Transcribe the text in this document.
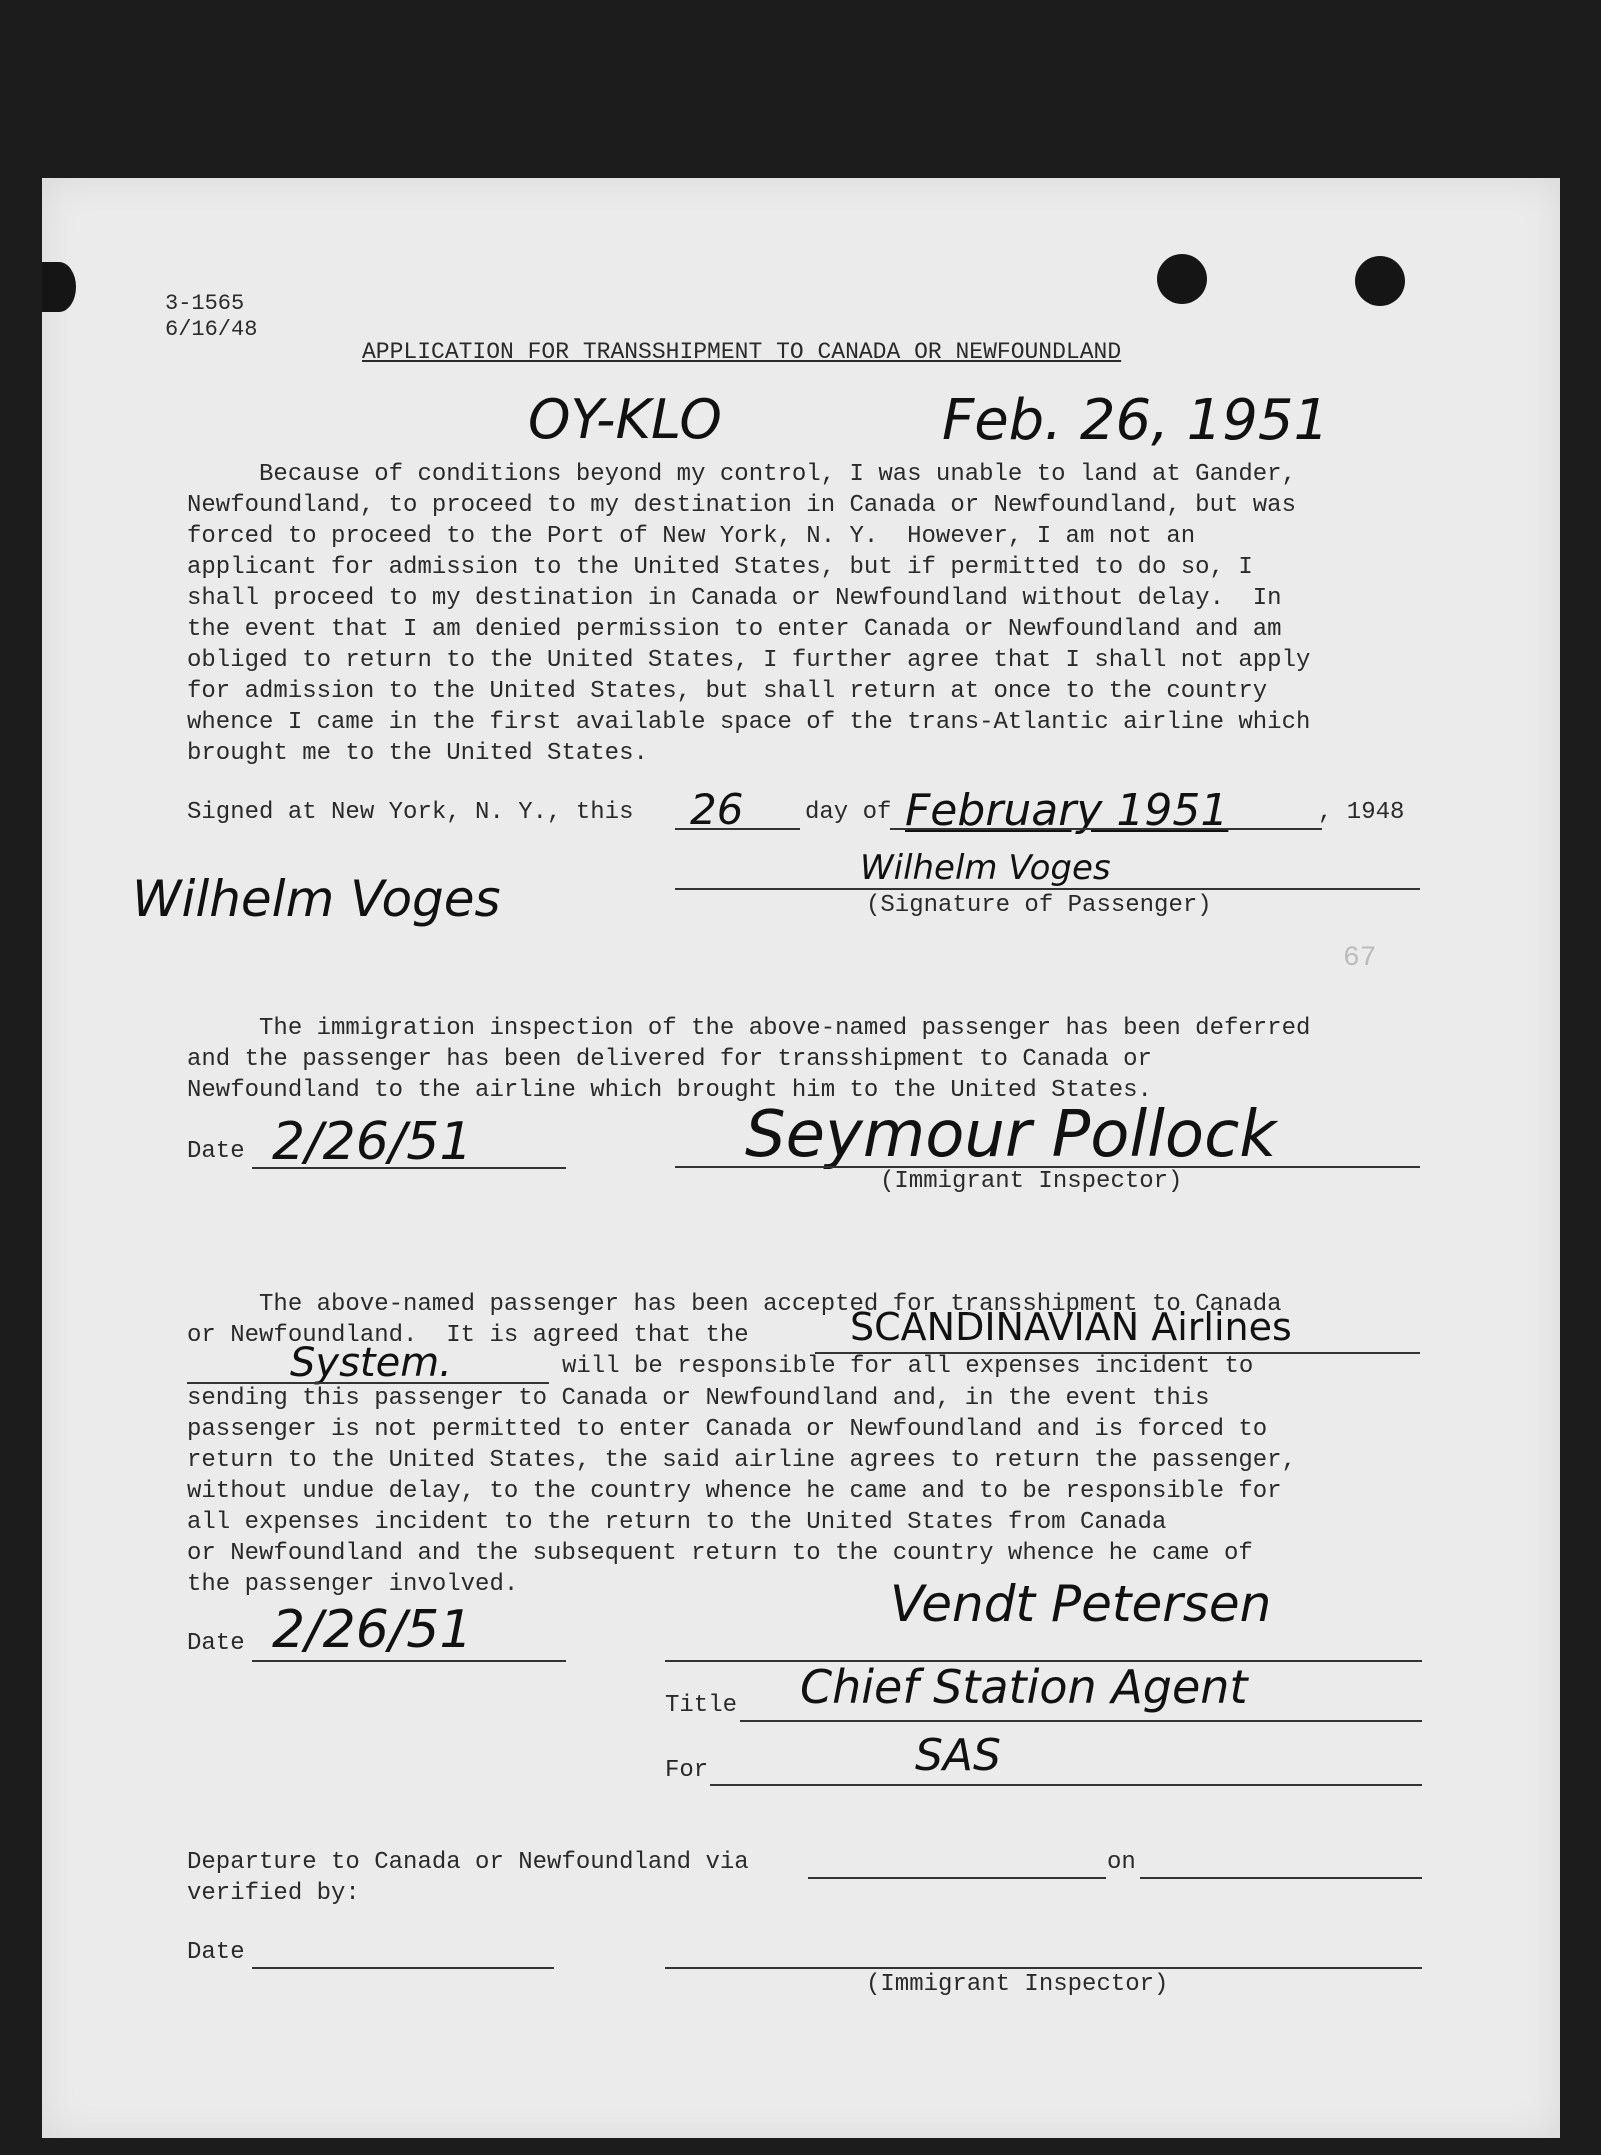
3-1565
6/16/48
APPLICATION FOR TRANSSHIPMENT TO CANADA OR NEWFOUNDLAND
OY-KLO	Feb. 26, 1951
Because of conditions beyond my control, I was unable to land at Gander,
Newfoundland, to proceed to my destination in Canada or Newfoundland, but was
forced to proceed to the Port of New York, N. Y.  However, I am not an
applicant for admission to the United States, but if permitted to do so, I
shall proceed to my destination in Canada or Newfoundland without delay.  In
the event that I am denied permission to enter Canada or Newfoundland and am
obliged to return to the United States, I further agree that I shall not apply
for admission to the United States, but shall return at once to the country
whence I came in the first available space of the trans-Atlantic airline which
brought me to the United States.
Signed at New York, N. Y., this 26	day of February 1951	, 1948
Wilhelm Voges
Wilhelm Voges
(Signature of Passenger)
67
The immigration inspection of the above-named passenger has been deferred
and the passenger has been delivered for transshipment to Canada or
Newfoundland to the airline which brought him to the United States.
Date 2/26/51	Seymour Pollock
(Immigrant Inspector)
The above-named passenger has been accepted for transshipment to Canada
or Newfoundland.  It is agreed that the	SCANDINAVIAN Airlines
System.	will be responsible for all expenses incident to
sending this passenger to Canada or Newfoundland and, in the event this
passenger is not permitted to enter Canada or Newfoundland and is forced to
return to the United States, the said airline agrees to return the passenger,
without undue delay, to the country whence he came and to be responsible for
all expenses incident to the return to the United States from Canada
or Newfoundland and the subsequent return to the country whence he came of
the passenger involved.
Date 2/26/51	Vendt Petersen
Title Chief Station Agent
For	SAS
Departure to Canada or Newfoundland via	on
verified by:
Date
(Immigrant Inspector)
